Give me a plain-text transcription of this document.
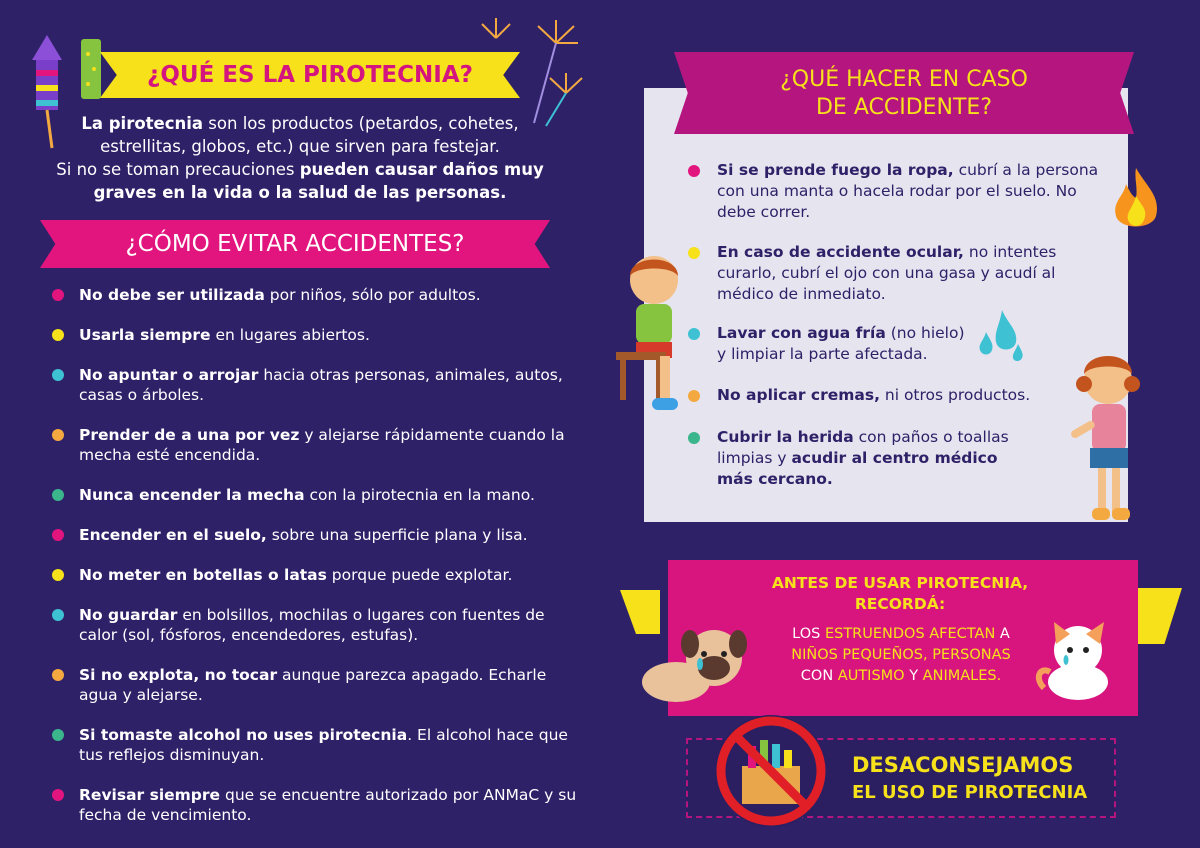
¿QUÉ ES LA PIROTECNIA?
La pirotecnia son los productos (petardos, cohetes, estrellitas, globos, etc.) que sirven para festejar.
Si no se toman precauciones pueden causar daños muy graves en la vida o la salud de las personas.
¿CÓMO EVITAR ACCIDENTES?
No debe ser utilizada por niños, sólo por adultos.
Usarla siempre en lugares abiertos.
No apuntar o arrojar hacia otras personas, animales, autos, casas o árboles.
Prender de a una por vez y alejarse rápidamente cuando la mecha esté encendida.
Nunca encender la mecha con la pirotecnia en la mano.
Encender en el suelo, sobre una superficie plana y lisa.
No meter en botellas o latas porque puede explotar.
No guardar en bolsillos, mochilas o lugares con fuentes de calor (sol, fósforos, encendedores, estufas).
Si no explota, no tocar aunque parezca apagado. Echarle agua y alejarse.
Si tomaste alcohol no uses pirotecnia. El alcohol hace que tus reflejos disminuyan.
Revisar siempre que se encuentre autorizado por ANMaC y su fecha de vencimiento.
¿QUÉ HACER EN CASO
DE ACCIDENTE?
Si se prende fuego la ropa, cubrí a la persona con una manta o hacela rodar por el suelo. No debe correr.
En caso de accidente ocular, no intentes curarlo, cubrí el ojo con una gasa y acudí al médico de inmediato.
Lavar con agua fría (no hielo) y limpiar la parte afectada.
No aplicar cremas, ni otros productos.
Cubrir la herida con paños o toallas limpias y acudir al centro médico más cercano.
ANTES DE USAR PIROTECNIA,
RECORDÁ:
LOS ESTRUENDOS AFECTAN A
NIÑOS PEQUEÑOS, PERSONAS
CON AUTISMO Y ANIMALES.
DESACONSEJAMOS
EL USO DE PIROTECNIA
